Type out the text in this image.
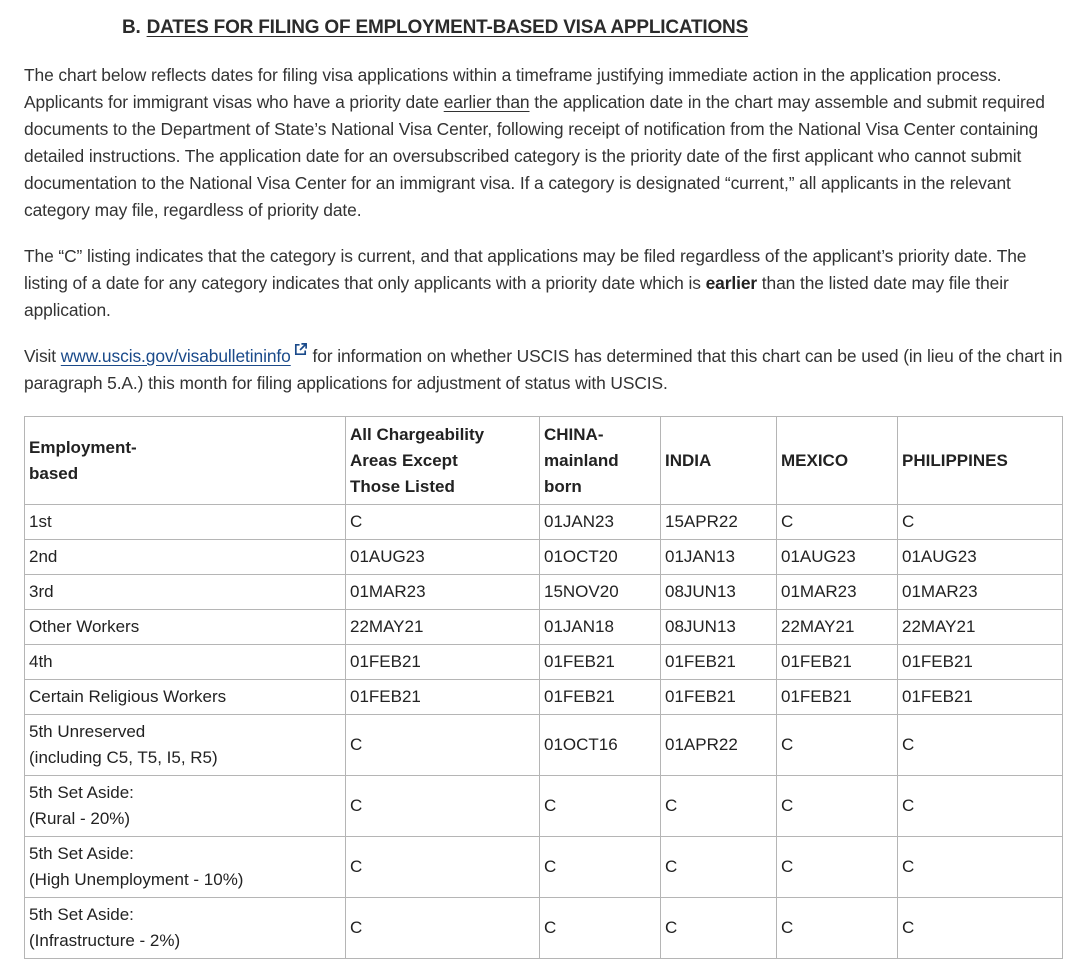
B. DATES FOR FILING OF EMPLOYMENT-BASED VISA APPLICATIONS
The chart below reflects dates for filing visa applications within a timeframe justifying immediate action in the application process. Applicants for immigrant visas who have a priority date earlier than the application date in the chart may assemble and submit required documents to the Department of State’s National Visa Center, following receipt of notification from the National Visa Center containing detailed instructions. The application date for an oversubscribed category is the priority date of the first applicant who cannot submit documentation to the National Visa Center for an immigrant visa. If a category is designated “current,” all applicants in the relevant category may file, regardless of priority date.
The “C” listing indicates that the category is current, and that applications may be filed regardless of the applicant’s priority date. The listing of a date for any category indicates that only applicants with a priority date which is earlier than the listed date may file their application.
Visit www.uscis.gov/visabulletininfo for information on whether USCIS has determined that this chart can be used (in lieu of the chart in paragraph 5.A.) this month for filing applications for adjustment of status with USCIS.
Employment-
based	All Chargeability
Areas Except
Those Listed	CHINA-
mainland
born	INDIA	MEXICO	PHILIPPINES

1st	C	01JAN23	15APR22	C	C

2nd	01AUG23	01OCT20	01JAN13	01AUG23	01AUG23

3rd	01MAR23	15NOV20	08JUN13	01MAR23	01MAR23

Other Workers	22MAY21	01JAN18	08JUN13	22MAY21	22MAY21

4th	01FEB21	01FEB21	01FEB21	01FEB21	01FEB21

Certain Religious Workers	01FEB21	01FEB21	01FEB21	01FEB21	01FEB21

5th Unreserved
(including C5, T5, I5, R5)	C	01OCT16	01APR22	C	C

5th Set Aside:
(Rural - 20%)	C	C	C	C	C

5th Set Aside:
(High Unemployment - 10%)	C	C	C	C	C

5th Set Aside:
(Infrastructure - 2%)	C	C	C	C	C
